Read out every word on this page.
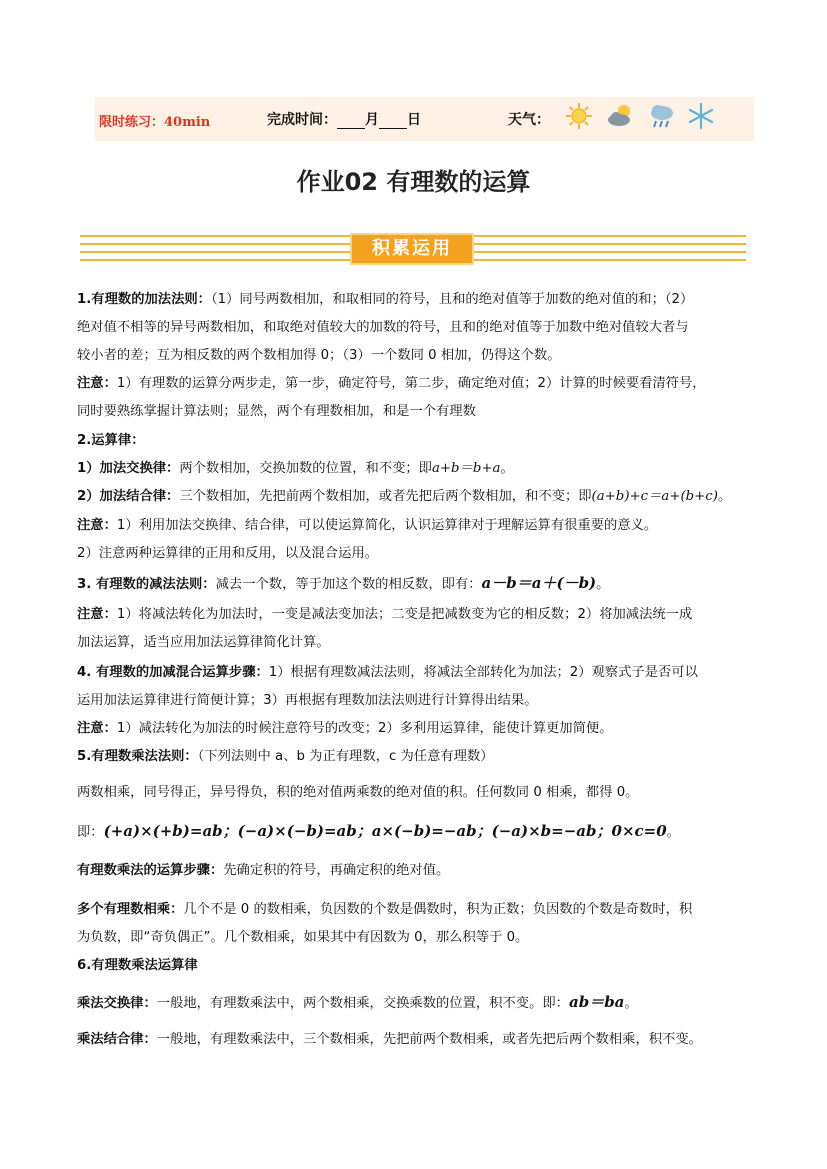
限时练习：40min	完成时间： 月 日	天气：
作业02 有理数的运算
积累运用
1.有理数的加法法则：（1）同号两数相加，和取相同的符号，且和的绝对值等于加数的绝对值的和；（2）
绝对值不相等的异号两数相加，和取绝对值较大的加数的符号，且和的绝对值等于加数中绝对值较大者与
较小者的差；互为相反数的两个数相加得 0；（3）一个数同 0 相加，仍得这个数。
注意：1）有理数的运算分两步走，第一步，确定符号，第二步，确定绝对值；2）计算的时候要看清符号，
同时要熟练掌握计算法则；显然，两个有理数相加，和是一个有理数
2.运算律：
1）加法交换律：两个数相加，交换加数的位置，和不变；即a+b＝b+a。
2）加法结合律：三个数相加，先把前两个数相加，或者先把后两个数相加，和不变；即(a+b)+c＝a+(b+c)。
注意：1）利用加法交换律、结合律，可以使运算简化，认识运算律对于理解运算有很重要的意义。
2）注意两种运算律的正用和反用，以及混合运用。
3. 有理数的减法法则：减去一个数，等于加这个数的相反数，即有：a－b＝a＋(－b)。
注意：1）将减法转化为加法时，一变是减法变加法；二变是把减数变为它的相反数；2）将加减法统一成
加法运算，适当应用加法运算律简化计算。
4. 有理数的加减混合运算步骤：1）根据有理数减法法则，将减法全部转化为加法；2）观察式子是否可以
运用加法运算律进行简便计算；3）再根据有理数加法法则进行计算得出结果。
注意：1）减法转化为加法的时候注意符号的改变；2）多利用运算律，能使计算更加简便。
5.有理数乘法法则：（下列法则中 a、b 为正有理数，c 为任意有理数）
两数相乘，同号得正，异号得负，积的绝对值两乘数的绝对值的积。任何数同 0 相乘，都得 0。
即：(+a)×(+b)=ab；(−a)×(−b)=ab；a×(−b)=−ab；(−a)×b=−ab；0×c=0。
有理数乘法的运算步骤：先确定积的符号，再确定积的绝对值。
多个有理数相乘：几个不是 0 的数相乘，负因数的个数是偶数时，积为正数；负因数的个数是奇数时，积
为负数，即“奇负偶正”。几个数相乘，如果其中有因数为 0，那么积等于 0。
6.有理数乘法运算律
乘法交换律：一般地，有理数乘法中，两个数相乘，交换乘数的位置，积不变。即：ab＝ba。
乘法结合律：一般地，有理数乘法中，三个数相乘，先把前两个数相乘，或者先把后两个数相乘，积不变。
